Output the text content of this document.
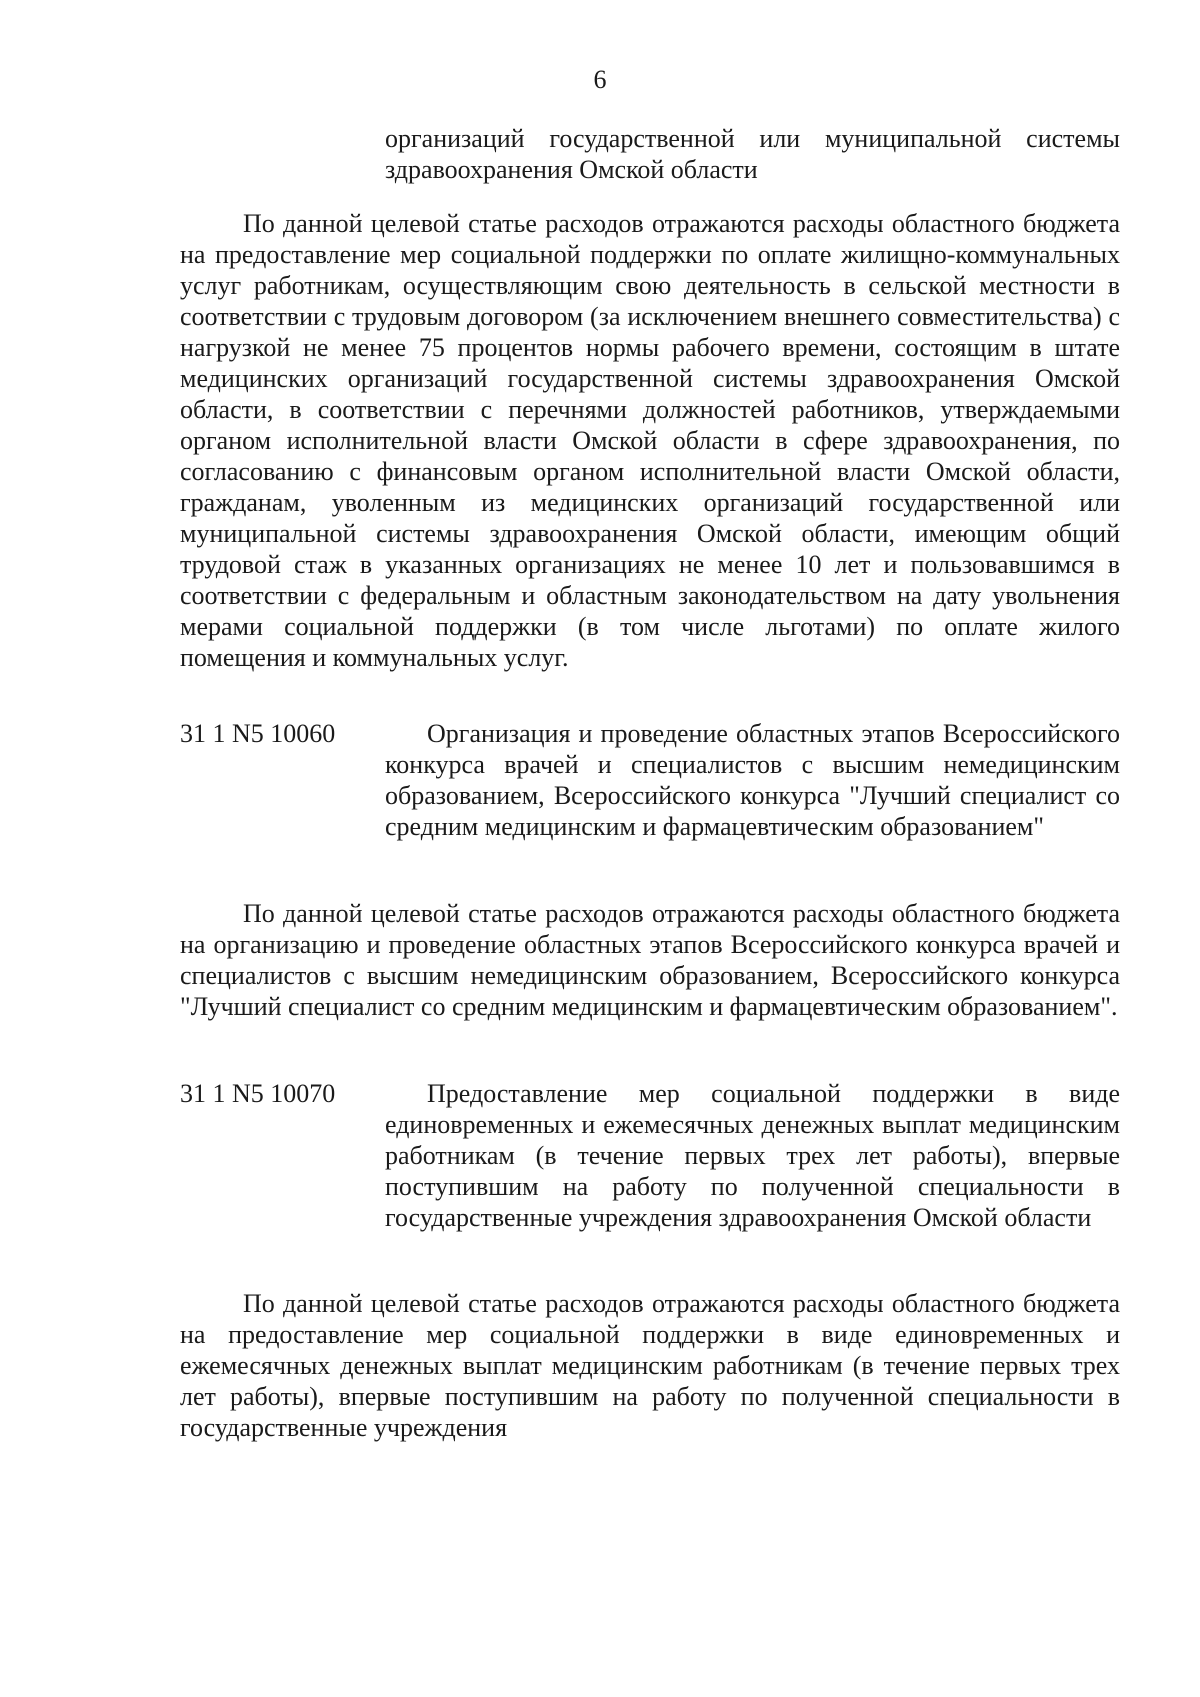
6
организаций государственной или муниципальной системы здравоохранения Омской области
По данной целевой статье расходов отражаются расходы областного бюджета на предоставление мер социальной поддержки по оплате жилищно-коммунальных услуг работникам, осуществляющим свою деятельность в сельской местности в соответствии с трудовым договором (за исключением внешнего совместительства) с нагрузкой не менее 75 процентов нормы рабочего времени, состоящим в штате медицинских организаций государственной системы здравоохранения Омской области, в соответствии с перечнями должностей работников, утверждаемыми органом исполнительной власти Омской области в сфере здравоохранения, по согласованию с финансовым органом исполнительной власти Омской области, гражданам, уволенным из медицинских организаций государственной или муниципальной системы здравоохранения Омской области, имеющим общий трудовой стаж в указанных организациях не менее 10 лет и пользовавшимся в соответствии с федеральным и областным законодательством на дату увольнения мерами социальной поддержки (в том числе льготами) по оплате жилого помещения и коммунальных услуг.
31 1 N5 10060	Организация и проведение областных этапов Всероссийского конкурса врачей и специалистов с высшим немедицинским образованием, Всероссийского конкурса "Лучший специалист со средним медицинским и фармацевтическим образованием"
По данной целевой статье расходов отражаются расходы областного бюджета на организацию и проведение областных этапов Всероссийского конкурса врачей и специалистов с высшим немедицинским образованием, Всероссийского конкурса "Лучший специалист со средним медицинским и фармацевтическим образованием".
31 1 N5 10070	Предоставление мер социальной поддержки в виде единовременных и ежемесячных денежных выплат медицинским работникам (в течение первых трех лет работы), впервые поступившим на работу по полученной специальности в государственные учреждения здравоохранения Омской области
По данной целевой статье расходов отражаются расходы областного бюджета на предоставление мер социальной поддержки в виде единовременных и ежемесячных денежных выплат медицинским работникам (в течение первых трех лет работы), впервые поступившим на работу по полученной специальности в государственные учреждения
